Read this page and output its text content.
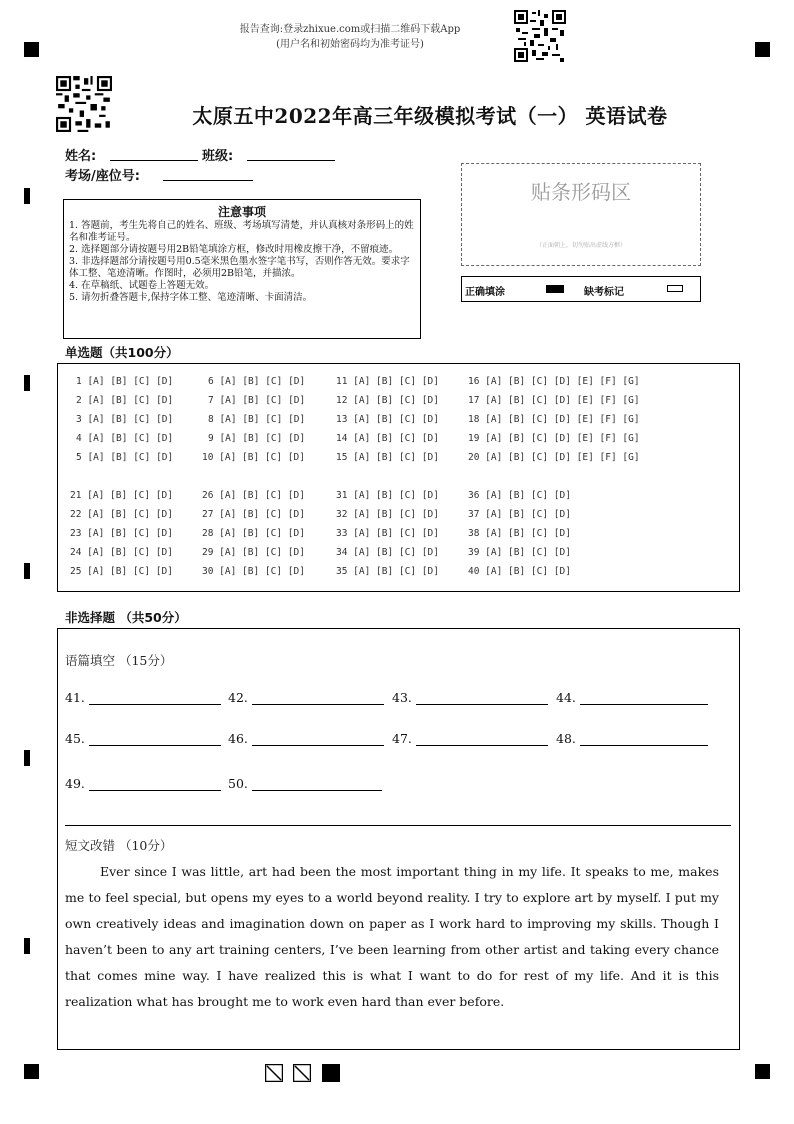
报告查询:登录zhixue.com或扫描二维码下载App
(用户名和初始密码均为准考证号)
太原五中2022年高三年级模拟考试（一） 英语试卷
姓名:	班级:
考场/座位号:
注意事项
1. 答题前，考生先将自己的姓名、班级、考场填写清楚，并认真核对条形码上的姓名和准考证号。
2. 选择题部分请按题号用2B铅笔填涂方框，修改时用橡皮擦干净，不留痕迹。
3. 非选择题部分请按题号用0.5毫米黑色墨水签字笔书写，否则作答无效。要求字体工整、笔迹清晰。作图时，必须用2B铅笔，并描浓。
4. 在草稿纸、试题卷上答题无效。
5. 请勿折叠答题卡,保持字体工整、笔迹清晰、卡面清洁。
贴条形码区
（正面朝上，切勿贴出虚线方框）
正确填涂	缺考标记
单选题（共100分）
1 [A] [B] [C] [D]
2 [A] [B] [C] [D]
3 [A] [B] [C] [D]
4 [A] [B] [C] [D]
5 [A] [B] [C] [D]
6 [A] [B] [C] [D]
7 [A] [B] [C] [D]
8 [A] [B] [C] [D]
9 [A] [B] [C] [D]
10 [A] [B] [C] [D]
11 [A] [B] [C] [D]
12 [A] [B] [C] [D]
13 [A] [B] [C] [D]
14 [A] [B] [C] [D]
15 [A] [B] [C] [D]
16 [A] [B] [C] [D] [E] [F] [G]
17 [A] [B] [C] [D] [E] [F] [G]
18 [A] [B] [C] [D] [E] [F] [G]
19 [A] [B] [C] [D] [E] [F] [G]
20 [A] [B] [C] [D] [E] [F] [G]
21 [A] [B] [C] [D]
22 [A] [B] [C] [D]
23 [A] [B] [C] [D]
24 [A] [B] [C] [D]
25 [A] [B] [C] [D]
26 [A] [B] [C] [D]
27 [A] [B] [C] [D]
28 [A] [B] [C] [D]
29 [A] [B] [C] [D]
30 [A] [B] [C] [D]
31 [A] [B] [C] [D]
32 [A] [B] [C] [D]
33 [A] [B] [C] [D]
34 [A] [B] [C] [D]
35 [A] [B] [C] [D]
36 [A] [B] [C] [D]
37 [A] [B] [C] [D]
38 [A] [B] [C] [D]
39 [A] [B] [C] [D]
40 [A] [B] [C] [D]
非选择题 （共50分）
语篇填空 （15分）
41.	42.	43.	44.
45.	46.	47.	48.
49.	50.
短文改错 （10分）

Ever since I was little, art had been the most important thing in my life. It speaks to me, makes me to feel special, but opens my eyes to a world beyond reality. I try to explore art by myself. I put my own creatively ideas and imagination down on paper as I work hard to improving my skills. Though I haven’t been to any art training centers, I’ve been learning from other artist and taking every chance that comes mine way. I have realized this is what I want to do for rest of my life. And it is this realization what has brought me to work even hard than ever before.
